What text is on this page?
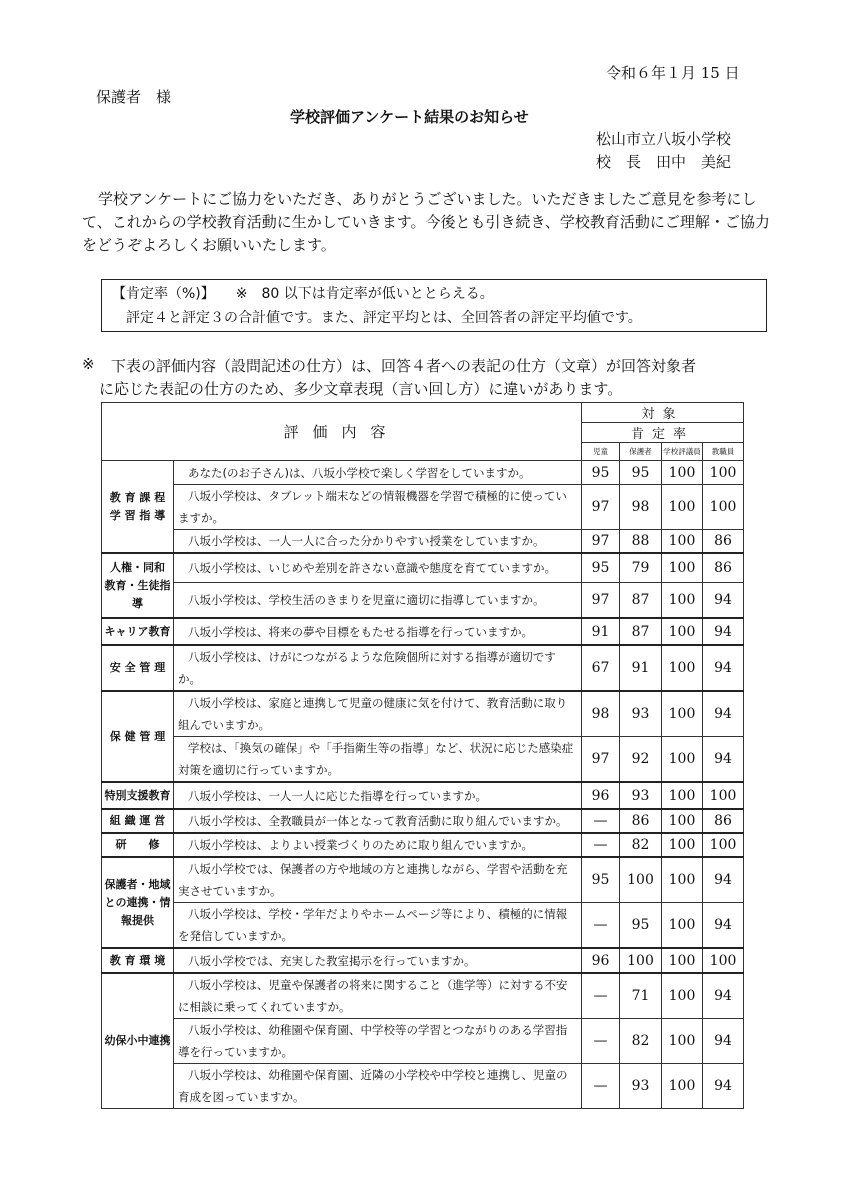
令和６年１月 15 日
保護者　様
学校評価アンケート結果のお知らせ
松山市立八坂小学校
校　長　田中　美紀
学校アンケートにご協力をいただき、ありがとうございました。いただきましたご意見を参考にして、これからの学校教育活動に生かしていきます。今後とも引き続き、学校教育活動にご理解・ご協力をどうぞよろしくお願いいたします。
【肯定率（%)】　　※　80 以下は肯定率が低いととらえる。
評定４と評定３の合計値です。また、評定平均とは、全回答者の評定平均値です。
※ 下表の評価内容（設問記述の仕方）は、回答４者への表記の仕方（文章）が回答対象者
に応じた表記の仕方のため、多少文章表現（言い回し方）に違いがあります。
評価内容		対象			
		肯定率			
		児童	保護者	学校評議員	教職員
教 育 課 程
学 習 指 導	あなた(のお子さん)は、八坂小学校で楽しく学習をしていますか。	95	95	100	100
	八坂小学校は、タブレット端末などの情報機器を学習で積極的に使っていますか。	97	98	100	100
	八坂小学校は、一人一人に合った分かりやすい授業をしていますか。	97	88	100	86
人権・同和
教育・生徒指導	八坂小学校は、いじめや差別を許さない意識や態度を育てていますか。	95	79	100	86
	八坂小学校は、学校生活のきまりを児童に適切に指導していますか。	97	87	100	94
キャリア教育	八坂小学校は、将来の夢や目標をもたせる指導を行っていますか。	91	87	100	94
安 全 管 理	八坂小学校は、けがにつながるような危険個所に対する指導が適切ですか。	67	91	100	94
保 健 管 理	八坂小学校は、家庭と連携して児童の健康に気を付けて、教育活動に取り組んでいますか。	98	93	100	94
	学校は、「換気の確保」や「手指衛生等の指導」など、状況に応じた感染症対策を適切に行っていますか。	97	92	100	94
特別支援教育	八坂小学校は、一人一人に応じた指導を行っていますか。	96	93	100	100
組 織 運 営	八坂小学校は、全教職員が一体となって教育活動に取り組んでいますか。	—	86	100	86
研　　修	八坂小学校は、よりよい授業づくりのために取り組んでいますか。	—	82	100	100
保護者・地域
との連携・情
報提供	八坂小学校では、保護者の方や地域の方と連携しながら、学習や活動を充実させていますか。	95	100	100	94
	八坂小学校は、学校・学年だよりやホームページ等により、積極的に情報を発信していますか。	—	95	100	94
教 育 環 境	八坂小学校では、充実した教室掲示を行っていますか。	96	100	100	100
幼保小中連携	八坂小学校は、児童や保護者の将来に関すること（進学等）に対する不安に相談に乗ってくれていますか。	—	71	100	94
	八坂小学校は、幼稚園や保育園、中学校等の学習とつながりのある学習指導を行っていますか。	—	82	100	94
	八坂小学校は、幼稚園や保育園、近隣の小学校や中学校と連携し、児童の育成を図っていますか。	—	93	100	94
